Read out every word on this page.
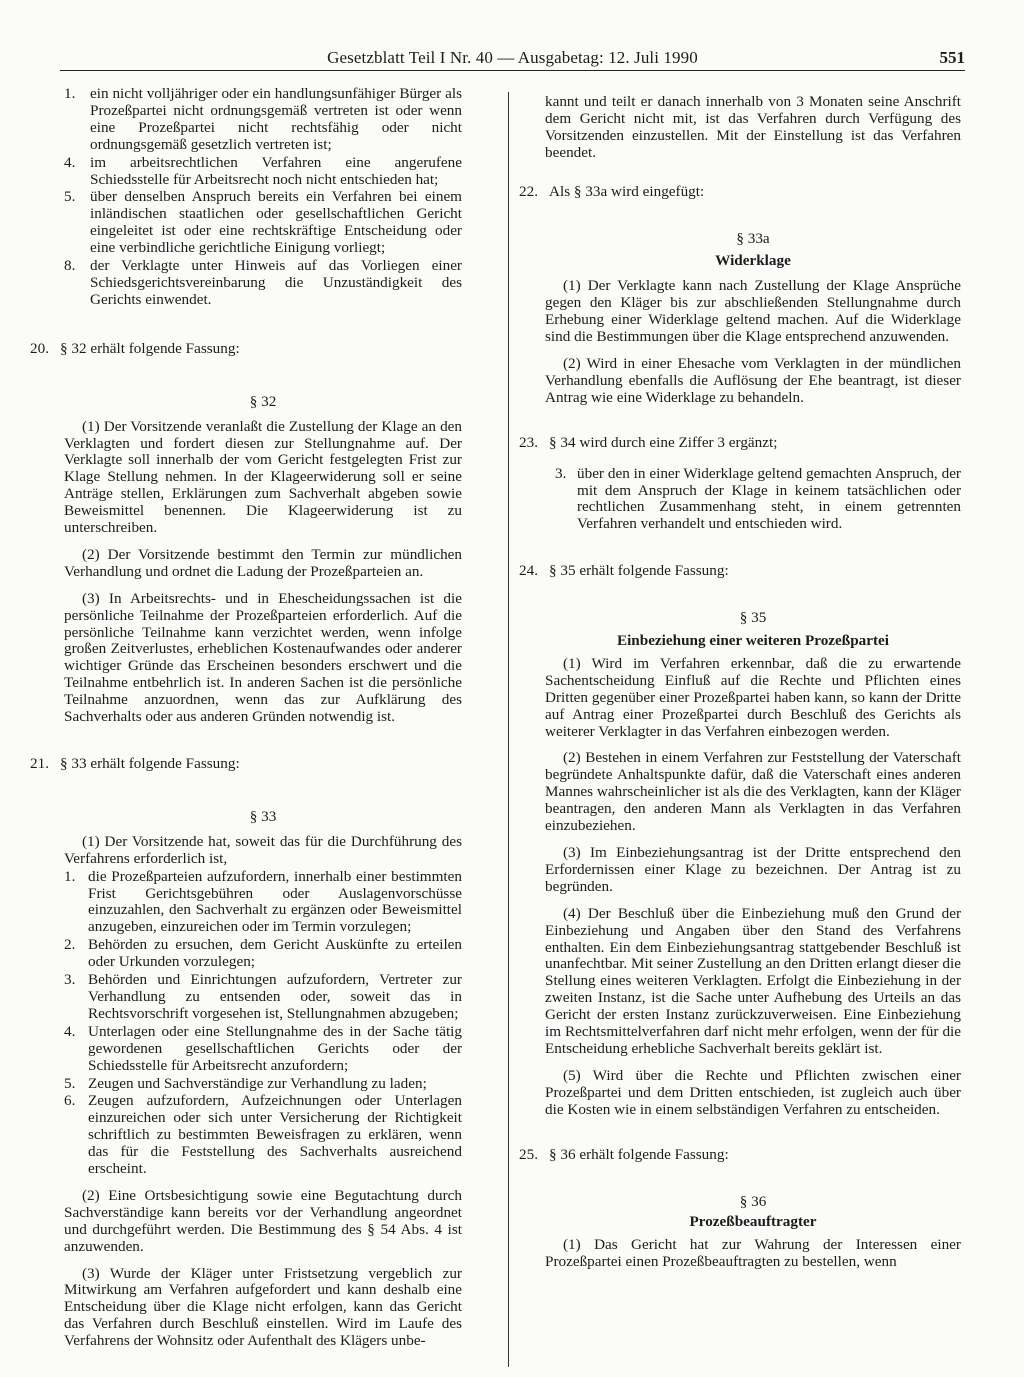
Gesetzblatt Teil I Nr. 40 — Ausgabetag: 12. Juli 1990	551
1. ein nicht volljähriger oder ein handlungsunfähiger Bürger als Prozeßpartei nicht ordnungsgemäß vertreten ist oder wenn eine Prozeßpartei nicht rechtsfähig oder nicht ordnungsgemäß gesetzlich vertreten ist;
4. im arbeitsrechtlichen Verfahren eine angerufene Schiedsstelle für Arbeitsrecht noch nicht entschieden hat;
5. über denselben Anspruch bereits ein Verfahren bei einem inländischen staatlichen oder gesellschaftlichen Gericht eingeleitet ist oder eine rechtskräftige Entscheidung oder eine verbindliche gerichtliche Einigung vorliegt;
8. der Verklagte unter Hinweis auf das Vorliegen einer Schiedsgerichtsvereinbarung die Unzuständigkeit des Gerichts einwendet.
20. § 32 erhält folgende Fassung:
§ 32

(1) Der Vorsitzende veranlaßt die Zustellung der Klage an den Verklagten und fordert diesen zur Stellungnahme auf. Der Verklagte soll innerhalb der vom Gericht festgelegten Frist zur Klage Stellung nehmen. In der Klageerwiderung soll er seine Anträge stellen, Erklärungen zum Sachverhalt abgeben sowie Beweismittel benennen. Die Klageerwiderung ist zu unterschreiben.

(2) Der Vorsitzende bestimmt den Termin zur mündlichen Verhandlung und ordnet die Ladung der Prozeßparteien an.

(3) In Arbeitsrechts- und in Ehescheidungssachen ist die persönliche Teilnahme der Prozeßparteien erforderlich. Auf die persönliche Teilnahme kann verzichtet werden, wenn infolge großen Zeitverlustes, erheblichen Kostenaufwandes oder anderer wichtiger Gründe das Erscheinen besonders erschwert und die Teilnahme entbehrlich ist. In anderen Sachen ist die persönliche Teilnahme anzuordnen, wenn das zur Aufklärung des Sachverhalts oder aus anderen Gründen notwendig ist.

21. § 33 erhält folgende Fassung:
§ 33

(1) Der Vorsitzende hat, soweit das für die Durchführung des Verfahrens erforderlich ist,

1. die Prozeßparteien aufzufordern, innerhalb einer bestimmten Frist Gerichtsgebühren oder Auslagenvorschüsse einzuzahlen, den Sachverhalt zu ergänzen oder Beweismittel anzugeben, einzureichen oder im Termin vorzulegen;
2. Behörden zu ersuchen, dem Gericht Auskünfte zu erteilen oder Urkunden vorzulegen;
3. Behörden und Einrichtungen aufzufordern, Vertreter zur Verhandlung zu entsenden oder, soweit das in Rechtsvorschrift vorgesehen ist, Stellungnahmen abzugeben;
4. Unterlagen oder eine Stellungnahme des in der Sache tätig gewordenen gesellschaftlichen Gerichts oder der Schiedsstelle für Arbeitsrecht anzufordern;
5. Zeugen und Sachverständige zur Verhandlung zu laden;
6. Zeugen aufzufordern, Aufzeichnungen oder Unterlagen einzureichen oder sich unter Versicherung der Richtigkeit schriftlich zu bestimmten Beweisfragen zu erklären, wenn das für die Feststellung des Sachverhalts ausreichend erscheint.

(2) Eine Ortsbesichtigung sowie eine Begutachtung durch Sachverständige kann bereits vor der Verhandlung angeordnet und durchgeführt werden. Die Bestimmung des § 54 Abs. 4 ist anzuwenden.

(3) Wurde der Kläger unter Fristsetzung vergeblich zur Mitwirkung am Verfahren aufgefordert und kann deshalb eine Entscheidung über die Klage nicht erfolgen, kann das Gericht das Verfahren durch Beschluß einstellen. Wird im Laufe des Verfahrens der Wohnsitz oder Aufenthalt des Klägers unbe-

kannt und teilt er danach innerhalb von 3 Monaten seine Anschrift dem Gericht nicht mit, ist das Verfahren durch Verfügung des Vorsitzenden einzustellen. Mit der Einstellung ist das Verfahren beendet.

22. Als § 33a wird eingefügt:
§ 33a
Widerklage

(1) Der Verklagte kann nach Zustellung der Klage Ansprüche gegen den Kläger bis zur abschließenden Stellungnahme durch Erhebung einer Widerklage geltend machen. Auf die Widerklage sind die Bestimmungen über die Klage entsprechend anzuwenden.

(2) Wird in einer Ehesache vom Verklagten in der mündlichen Verhandlung ebenfalls die Auflösung der Ehe beantragt, ist dieser Antrag wie eine Widerklage zu behandeln.

23. § 34 wird durch eine Ziffer 3 ergänzt;
3. über den in einer Widerklage geltend gemachten Anspruch, der mit dem Anspruch der Klage in keinem tatsächlichen oder rechtlichen Zusammenhang steht, in einem getrennten Verfahren verhandelt und entschieden wird.
24. § 35 erhält folgende Fassung:
§ 35
Einbeziehung einer weiteren Prozeßpartei

(1) Wird im Verfahren erkennbar, daß die zu erwartende Sachentscheidung Einfluß auf die Rechte und Pflichten eines Dritten gegenüber einer Prozeßpartei haben kann, so kann der Dritte auf Antrag einer Prozeßpartei durch Beschluß des Gerichts als weiterer Verklagter in das Verfahren einbezogen werden.

(2) Bestehen in einem Verfahren zur Feststellung der Vaterschaft begründete Anhaltspunkte dafür, daß die Vaterschaft eines anderen Mannes wahrscheinlicher ist als die des Verklagten, kann der Kläger beantragen, den anderen Mann als Verklagten in das Verfahren einzubeziehen.

(3) Im Einbeziehungsantrag ist der Dritte entsprechend den Erfordernissen einer Klage zu bezeichnen. Der Antrag ist zu begründen.

(4) Der Beschluß über die Einbeziehung muß den Grund der Einbeziehung und Angaben über den Stand des Verfahrens enthalten. Ein dem Einbeziehungsantrag stattgebender Beschluß ist unanfechtbar. Mit seiner Zustellung an den Dritten erlangt dieser die Stellung eines weiteren Verklagten. Erfolgt die Einbeziehung in der zweiten Instanz, ist die Sache unter Aufhebung des Urteils an das Gericht der ersten Instanz zurückzuverweisen. Eine Einbeziehung im Rechtsmittelverfahren darf nicht mehr erfolgen, wenn der für die Entscheidung erhebliche Sachverhalt bereits geklärt ist.

(5) Wird über die Rechte und Pflichten zwischen einer Prozeßpartei und dem Dritten entschieden, ist zugleich auch über die Kosten wie in einem selbständigen Verfahren zu entscheiden.

25. § 36 erhält folgende Fassung:
§ 36
Prozeßbeauftragter

(1) Das Gericht hat zur Wahrung der Interessen einer Prozeßpartei einen Prozeßbeauftragten zu bestellen, wenn
